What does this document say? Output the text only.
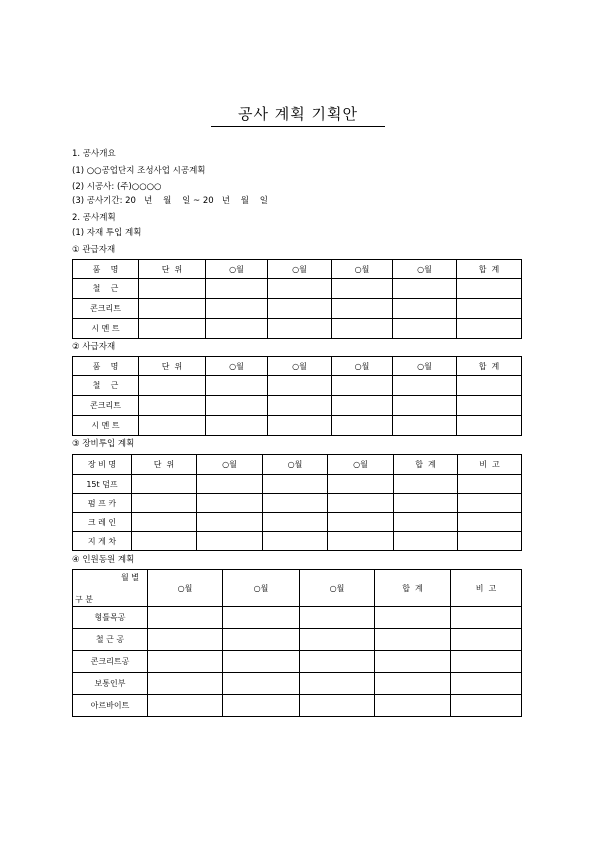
공사 계획 기획안
1. 공사개요
(1) ○○공업단지 조성사업 시공계획
(2) 시공사: (주)○○○○
(3) 공사기간: 20   년    월    일 ~ 20   년    월    일
2. 공사계획
(1) 자재 투입 계획
① 관급자재
품    명	단  위	○월	○월	○월	○월	합  계
철    근						
콘크리트						
시 멘 트						
② 사급자재
품    명	단  위	○월	○월	○월	○월	합  계
철    근						
콘크리트						
시 멘 트						
③ 장비투입 계획
장 비 명	단  위	○월	○월	○월	합  계	비  고
15t 덤프						
펌 프 카						
크 레 인						
지 게 차						
④ 인원동원 계획

월 별

구 분	○월	○월	○월	합  계	비  고
형틀목공					
철 근 공					
콘크리트공					
보통인부					
아르바이트					
